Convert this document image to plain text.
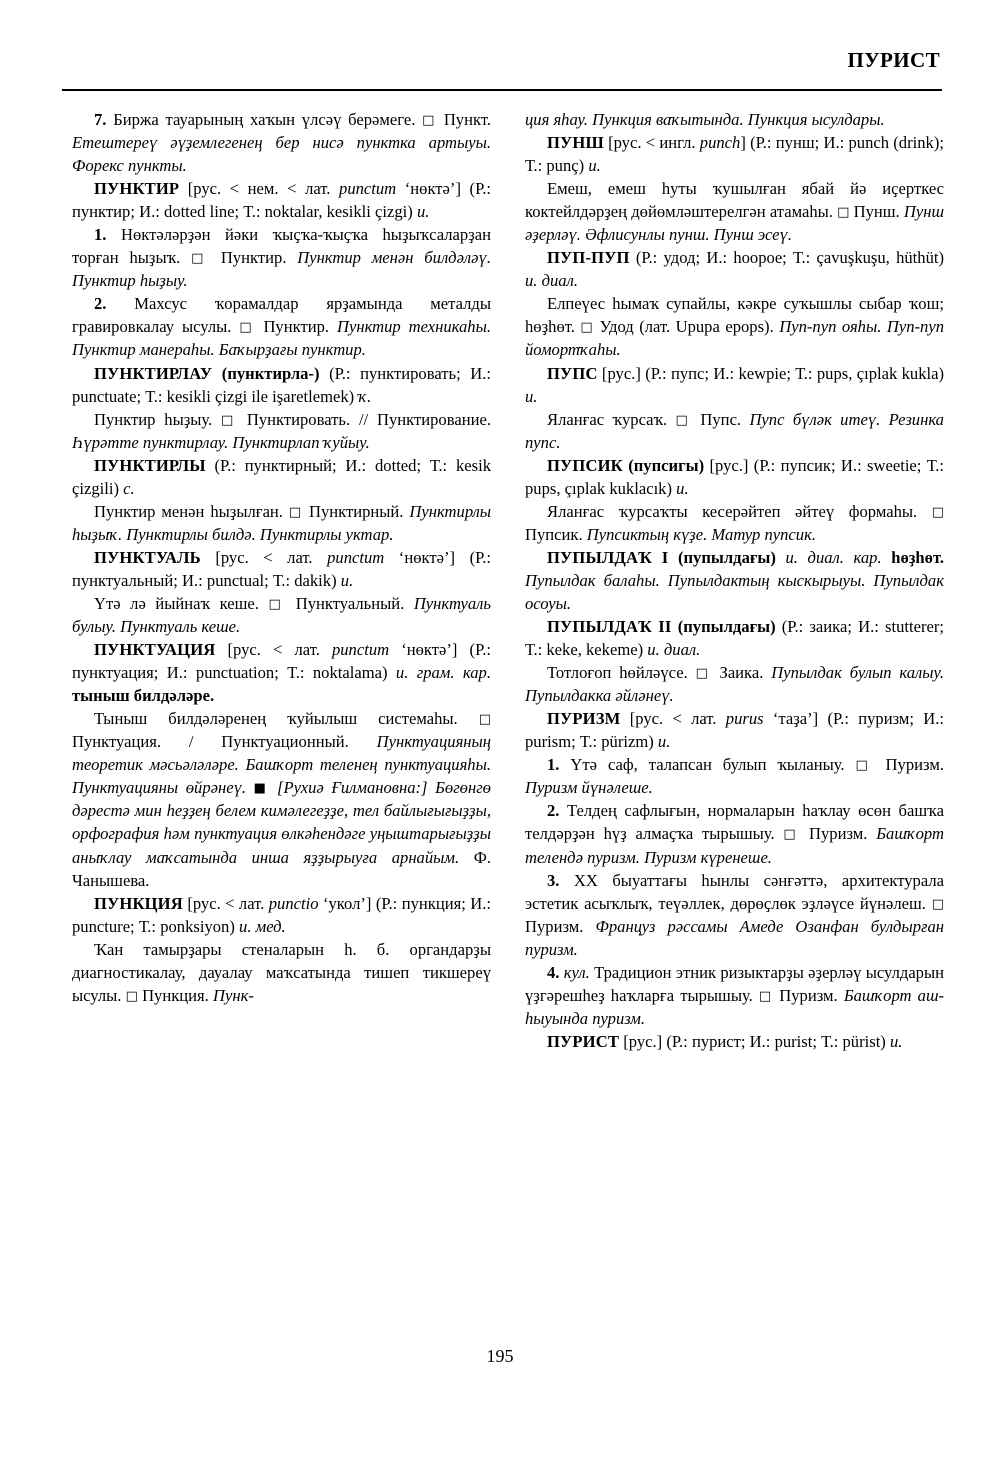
ПУРИСТ

7. Биржа тауарының хаҡын үлсәү берәмеге. □ Пункт. Етештереү әүҙемлегенең бер нисә пунктка артыуы. Форекс пункты.

ПУНКТИР [рус. < нем. < лат. punctum ‘нөктә’] (Р.: пунктир; И.: dotted line; Т.: noktalar, kesikli çizgi) и.

1. Нөктәләрҙән йәки ҡыҫҡа-ҡыҫҡа һыҙыҡсаларҙан торған һыҙыҡ. □ Пунктир. Пунктир менән билдәләү. Пунктир һыҙыу.

2. Махсус ҡорамалдар ярҙамында металды гравировкалау ысулы. □ Пунктир. Пунктир техникаһы. Пунктир манераһы. Баҡырҙағы пунктир.

ПУНКТИРЛАУ (пунктирла-) (Р.: пунктировать; И.: punctuate; Т.: kesikli çizgi ile işaretlemek) ҡ.

Пунктир һыҙыу. □ Пунктировать. // Пунктирование. Һүрәтте пунктирлау. Пунктирлап ҡуйыу.

ПУНКТИРЛЫ (Р.: пунктирный; И.: dotted; Т.: kesik çizgili) с.

Пунктир менән һыҙылған. □ Пунктирный. Пунктирлы һыҙыҡ. Пунктирлы билдә. Пунктирлы уктар.

ПУНКТУАЛЬ [рус. < лат. punctum ‘нөктә’] (Р.: пунктуальный; И.: punctual; Т.: dakik) и.

Үтә лә йыйнаҡ кеше. □ Пунктуальный. Пунктуаль булыу. Пунктуаль кеше.

ПУНКТУАЦИЯ [рус. < лат. punctum ‘нөктә’] (Р.: пунктуация; И.: punctuation; Т.: noktalama) и. грам. кар. тыныш билдәләре.

Тыныш билдәләренең ҡуйылыш системаһы. □ Пунктуация. / Пунктуационный. Пунктуацияның теоретик мәсьәләләре. Башҡорт теленең пунктуацияһы. Пунктуацияны өйрәнеү. ■ [Рухиә Ғилмановна:] Бөгөнгө дәрестә мин һеҙҙең белем кимәлегеҙҙе, тел байлығығыҙҙы, орфография һәм пунктуация өлкәһендәге уңыштарығыҙҙы аныҡлау маҡсатында инша яҙҙырыуға арнайым. Ф. Чанышева.

ПУНКЦИЯ [рус. < лат. punctio ‘укол’] (Р.: пункция; И.: puncture; Т.: ponksiyon) и. мед.

Ҡан тамырҙары стеналарын һ. б. органдарҙы диагностикалау, дауалау маҡсатында тишеп тикшереү ысулы. □ Пункция. Пунк-

ция яһау. Пункция ваҡытында. Пункция ысулдары.

ПУНШ [рус. < ингл. punch] (Р.: пунш; И.: punch (drink); Т.: punç) и.

Емеш, емеш һуты ҡушылған ябай йә иҫерткес коктейлдәрҙең дөйөмләштерелгән атамаһы. □ Пунш. Пунш әҙерләү. Әфлисунлы пунш. Пунш эсеү.

ПУП-ПУП (Р.: удод; И.: hoopoe; Т.: çavuşkuşu, hüthüt) и. диал.

Елпеүес һымаҡ супайлы, кәкре суҡышлы сыбар ҡош; һөҙһөт. □ Удод (лат. Upupa epops). Пуп-пуп ояһы. Пуп-пуп йомортҡаһы.

ПУПС [рус.] (Р.: пупс; И.: kewpie; Т.: pups, çıplak kukla) и.

Яланғас ҡурсаҡ. □ Пупс. Пупс бүләк итеү. Резинка пупс.

ПУПСИК (пупсигы) [рус.] (Р.: пупсик; И.: sweetie; Т.: pups, çıplak kuklacık) и.

Яланғас ҡурсаҡты кесерәйтеп әйтеү формаһы. □ Пупсик. Пупсиктың күҙе. Матур пупсик.

ПУПЫЛДАҠ I (пупылдағы) и. диал. кар. һөҙһөт. Пупылдак балаһы. Пупылдактың кыскырыуы. Пупылдак осоуы.

ПУПЫЛДАҠ II (пупылдағы) (Р.: заика; И.: stutterer; Т.: keke, kekeme) и. диал.

Тотлоғоп һөйләүсе. □ Заика. Пупылдак булып калыу. Пупылдакка әйләнеү.

ПУРИЗМ [рус. < лат. purus ‘таҙа’] (Р.: пуризм; И.: purism; Т.: pürizm) и.

1. Үтә саф, талапсан булып ҡыланыу. □ Пуризм. Пуризм йүнәлеше.

2. Телдең сафлығын, нормаларын һаҡлау өсөн башҡа телдәрҙән һүҙ алмаҫҡа тырышыу. □ Пуризм. Башҡорт телендә пуризм. Пуризм күренеше.

3. XX быуаттағы һынлы сәнғәттә, архитектурала эстетик асыҡлыҡ, теүәллек, дөрөҫлөк эҙләүсе йүнәлеш. □ Пуризм. Француз рәссамы Амеде Озанфан булдырған пуризм.

4. кул. Традицион этник ризыктарҙы әҙерләү ысулдарын үҙгәрешһеҙ һаҡларға тырышыу. □ Пуризм. Башҡорт аш-һыуында пуризм.

ПУРИСТ [рус.] (Р.: пурист; И.: purist; Т.: pürist) и.

195
